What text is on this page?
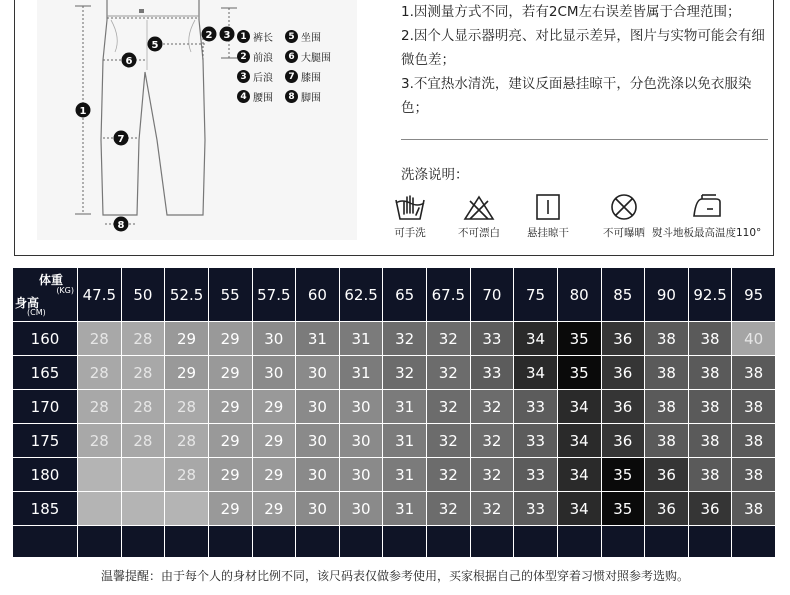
1
2 3
5
6
7
8
1 裤长
2 前浪
3 后浪
4 腰围
5 坐围
6 大腿围
7 膝围
8 脚围

1.因测量方式不同，若有2CM左右误差皆属于合理范围；

2.因个人显示器明亮、对比显示差异，图片与实物可能会有细微色差；

3.不宜热水清洗，建议反面悬挂晾干，分色洗涤以免衣服染色；

洗涤说明：
可手洗	不可漂白	悬挂晾干	不可曝晒 熨斗地板最高温度110°
体重
(KG)
身高
(CM)	47.5	50	52.5	55	57.5	60	62.5	65	67.5	70	75	80	85	90	92.5	95
160	28	28	29	29	30	31	31	32	32	33	34	35	36	38	38	40
165	28	28	29	29	30	30	31	32	32	33	34	35	36	38	38	38
170	28	28	28	29	29	30	30	31	32	32	33	34	36	38	38	38
175	28	28	28	29	29	30	30	31	32	32	33	34	36	38	38	38
180			28	29	29	30	30	31	32	32	33	34	35	36	38	38
185				29	29	30	30	31	32	32	33	34	35	36	36	38

温馨提醒：由于每个人的身材比例不同，该尺码表仅做参考使用，买家根据自己的体型穿着习惯对照参考选购。
